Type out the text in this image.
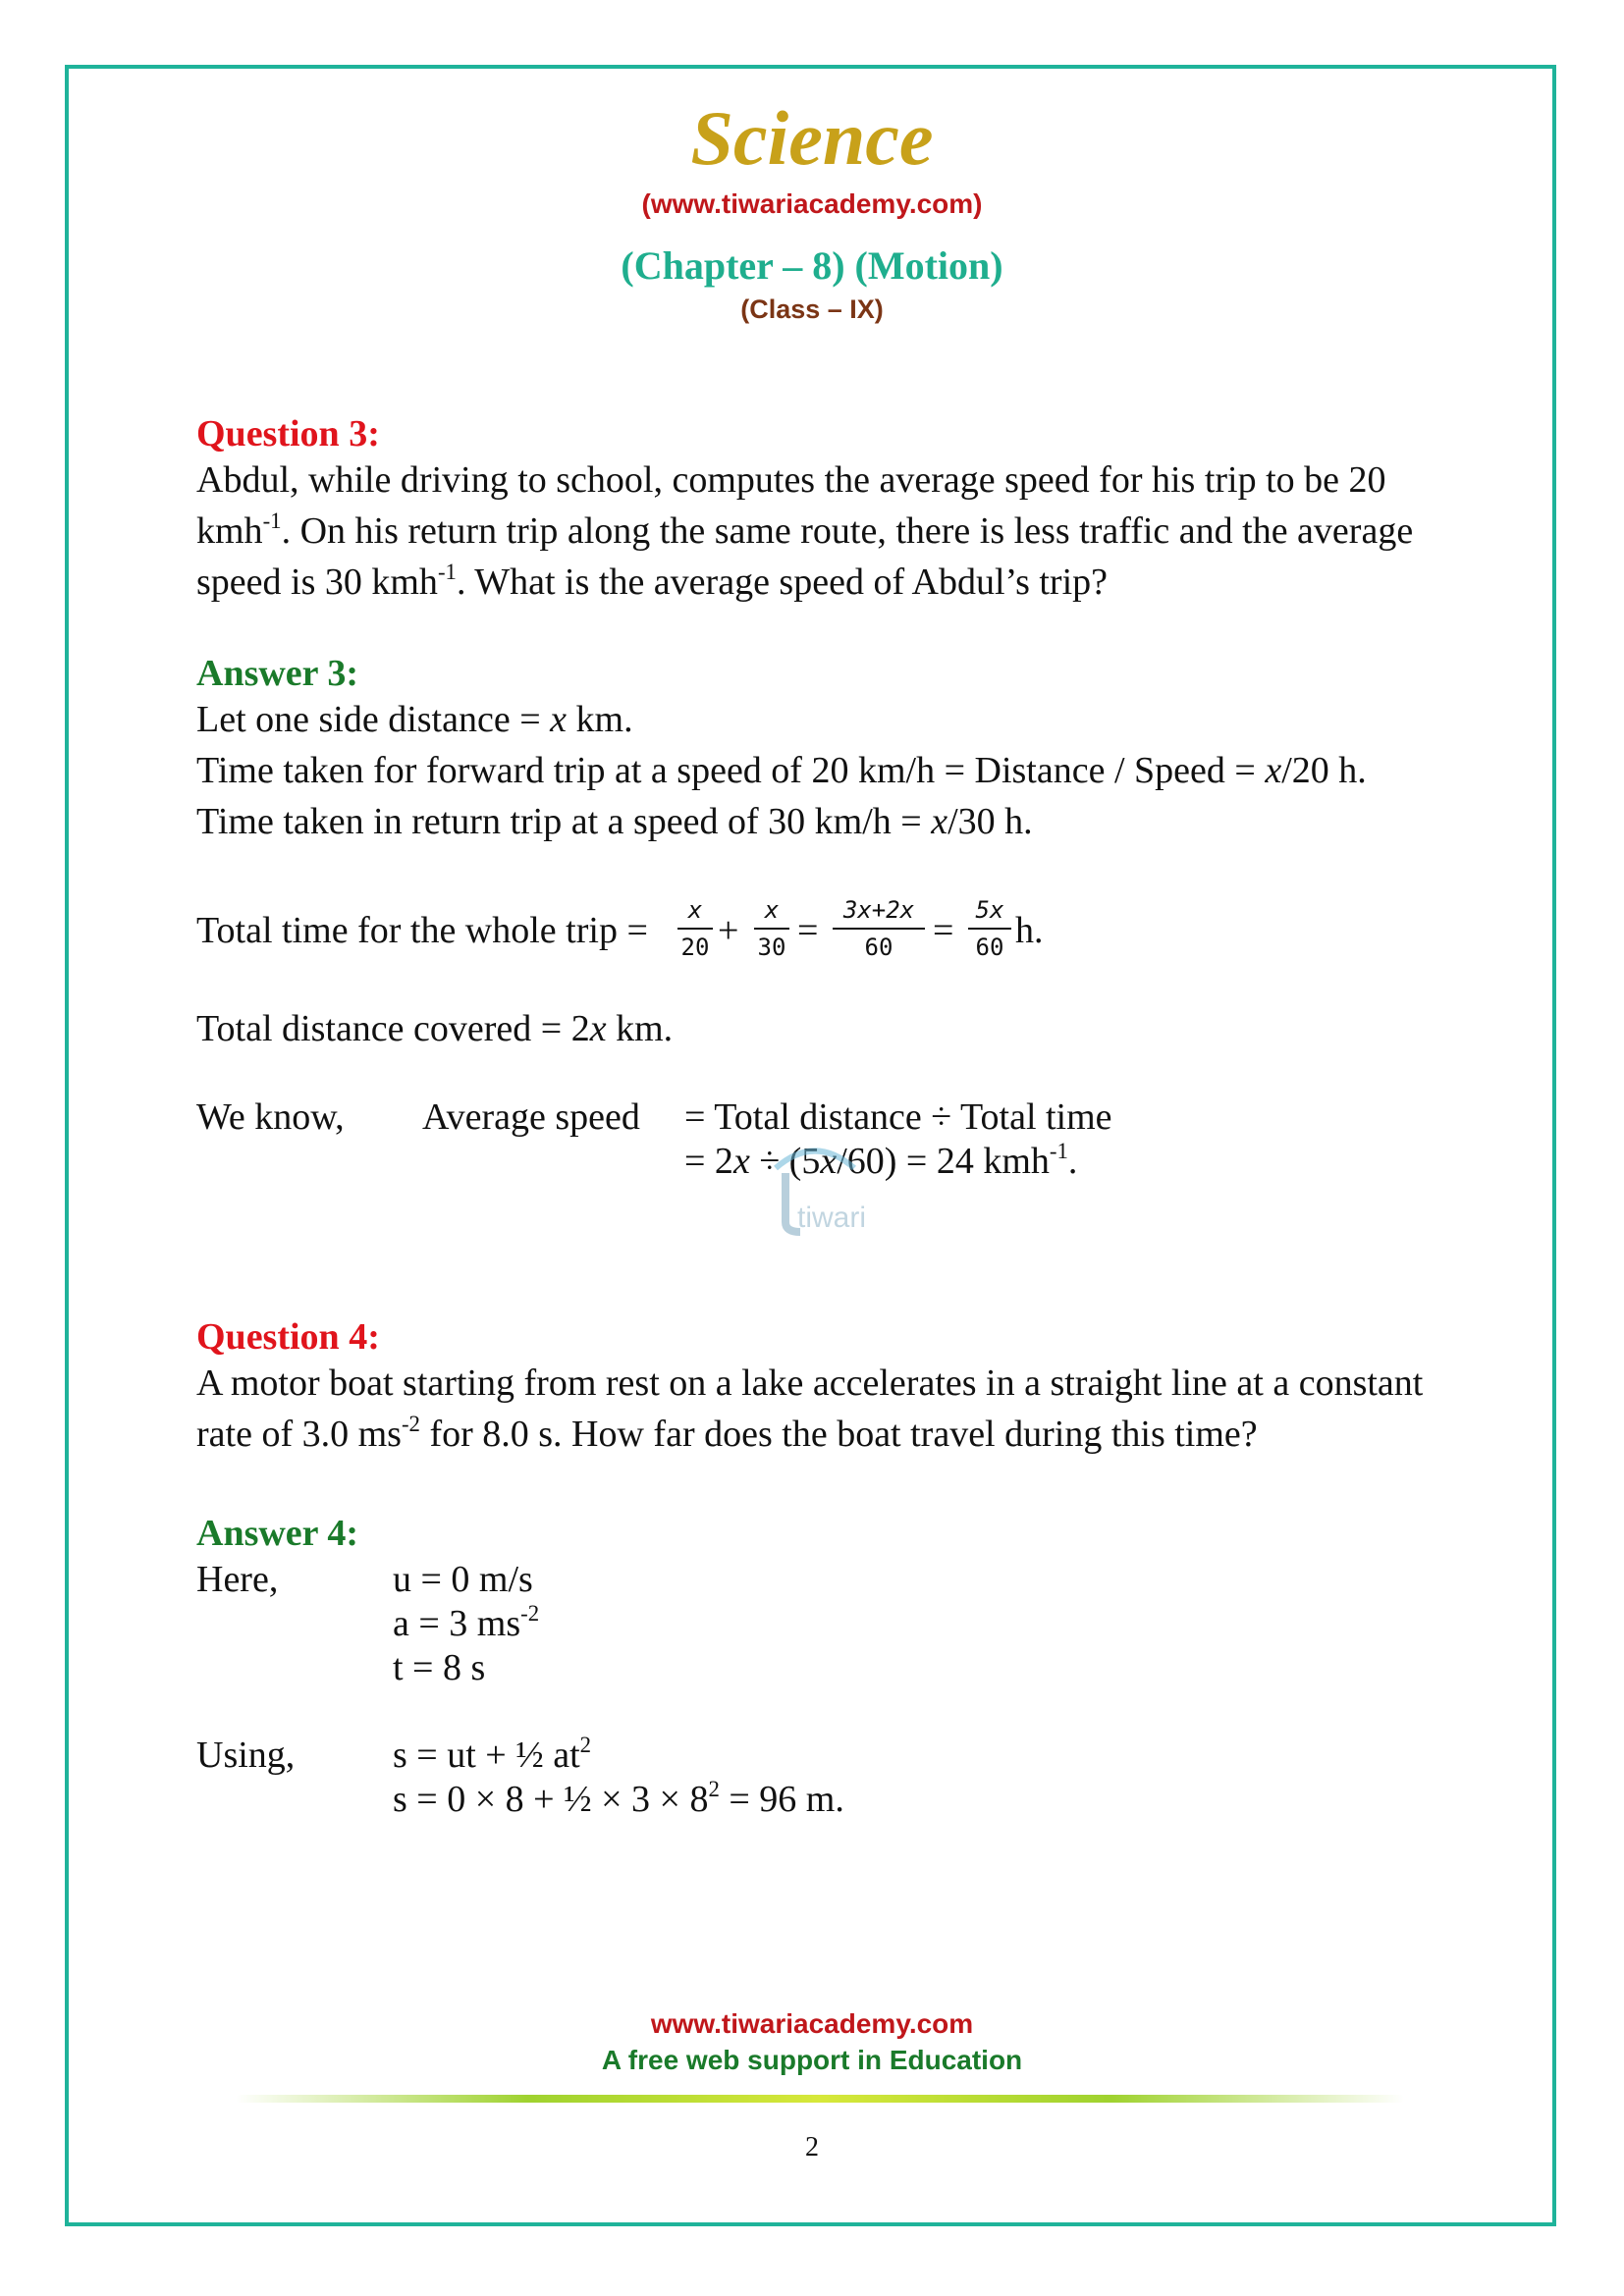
Science
(www.tiwariacademy.com)
(Chapter – 8) (Motion)
(Class – IX)
Question 3:
Abdul, while driving to school, computes the average speed for his trip to be 20
kmh$^{-1}$. On his return trip along the same route, there is less traffic and the average
speed is 30 kmh$^{-1}$. What is the average speed of Abdul’s trip?
Answer 3:
Let one side distance = x km.
Time taken for forward trip at a speed of 20 km/h = Distance / Speed = x/20 h.
Time taken in return trip at a speed of 30 km/h = x/30 h.
Total time for the whole trip =	x
20 +	x
30 =	3x+2x
60	= 5x
60 h.
Total distance covered = 2x km.
We know, Average speed = Total distance ÷ Total time
= 2x ÷ (5x/60) = 24 kmh$^{-1}$.
tiwari
Question 4:
A motor boat starting from rest on a lake accelerates in a straight line at a constant
rate of 3.0 $ms^{-2}$ for 8.0 s. How far does the boat travel during this time?
Answer 4:
Here,	u = 0 m/s
a = 3 $ms^{-2}$
t = 8 s
Using,	s = ut + ½ $at^2$
s = 0 × 8 + ½ × $3 \times 8^2 = 96$ m.
www.tiwariacademy.com
A free web support in Education
2
